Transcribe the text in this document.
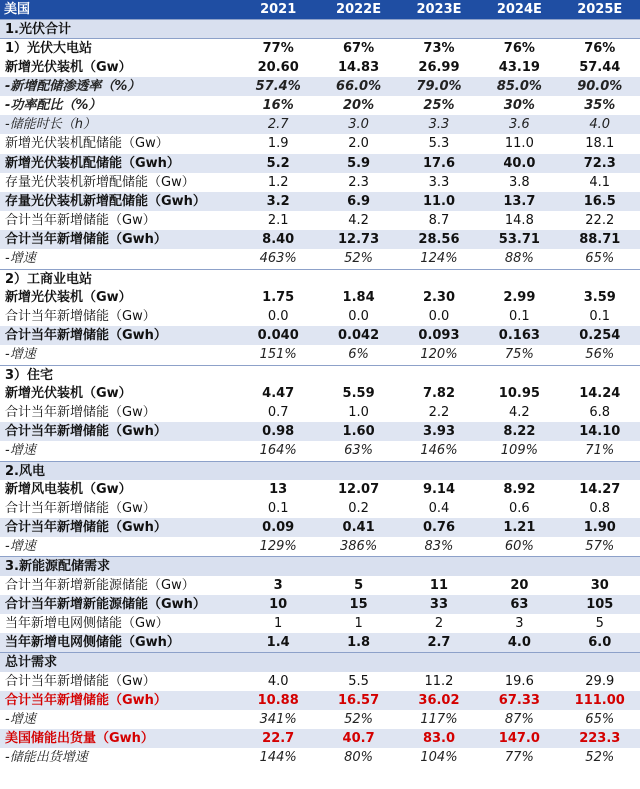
美国	2021	2022E	2023E	2024E	2025E
1.光伏合计
1）光伏大电站	77%	67%	73%	76%	76%
新增光伏装机（Gw）	20.60	14.83	26.99	43.19	57.44
-新增配储渗透率（%）	57.4%	66.0%	79.0%	85.0%	90.0%
-功率配比（%）	16%	20%	25%	30%	35%
-储能时长（h）	2.7	3.0	3.3	3.6	4.0
新增光伏装机配储能（Gw）	1.9	2.0	5.3	11.0	18.1
新增光伏装机配储能（Gwh）	5.2	5.9	17.6	40.0	72.3
存量光伏装机新增配储能（Gw）	1.2	2.3	3.3	3.8	4.1
存量光伏装机新增配储能（Gwh）	3.2	6.9	11.0	13.7	16.5
合计当年新增储能（Gw）	2.1	4.2	8.7	14.8	22.2
合计当年新增储能（Gwh）	8.40	12.73	28.56	53.71	88.71
-增速	463%	52%	124%	88%	65%
2）工商业电站
新增光伏装机（Gw）	1.75	1.84	2.30	2.99	3.59
合计当年新增储能（Gw）	0.0	0.0	0.0	0.1	0.1
合计当年新增储能（Gwh）	0.040	0.042	0.093	0.163	0.254
-增速	151%	6%	120%	75%	56%
3）住宅
新增光伏装机（Gw）	4.47	5.59	7.82	10.95	14.24
合计当年新增储能（Gw）	0.7	1.0	2.2	4.2	6.8
合计当年新增储能（Gwh）	0.98	1.60	3.93	8.22	14.10
-增速	164%	63%	146%	109%	71%
2.风电
新增风电装机（Gw）	13	12.07	9.14	8.92	14.27
合计当年新增储能（Gw）	0.1	0.2	0.4	0.6	0.8
合计当年新增储能（Gwh）	0.09	0.41	0.76	1.21	1.90
-增速	129%	386%	83%	60%	57%
3.新能源配储需求
合计当年新增新能源储能（Gw）	3	5	11	20	30
合计当年新增新能源储能（Gwh）	10	15	33	63	105
当年新增电网侧储能（Gw）	1	1	2	3	5
当年新增电网侧储能（Gwh）	1.4	1.8	2.7	4.0	6.0
总计需求
合计当年新增储能（Gw）	4.0	5.5	11.2	19.6	29.9
合计当年新增储能（Gwh）	10.88	16.57	36.02	67.33	111.00
-增速	341%	52%	117%	87%	65%
美国储能出货量（Gwh）	22.7	40.7	83.0	147.0	223.3
-储能出货增速	144%	80%	104%	77%	52%
